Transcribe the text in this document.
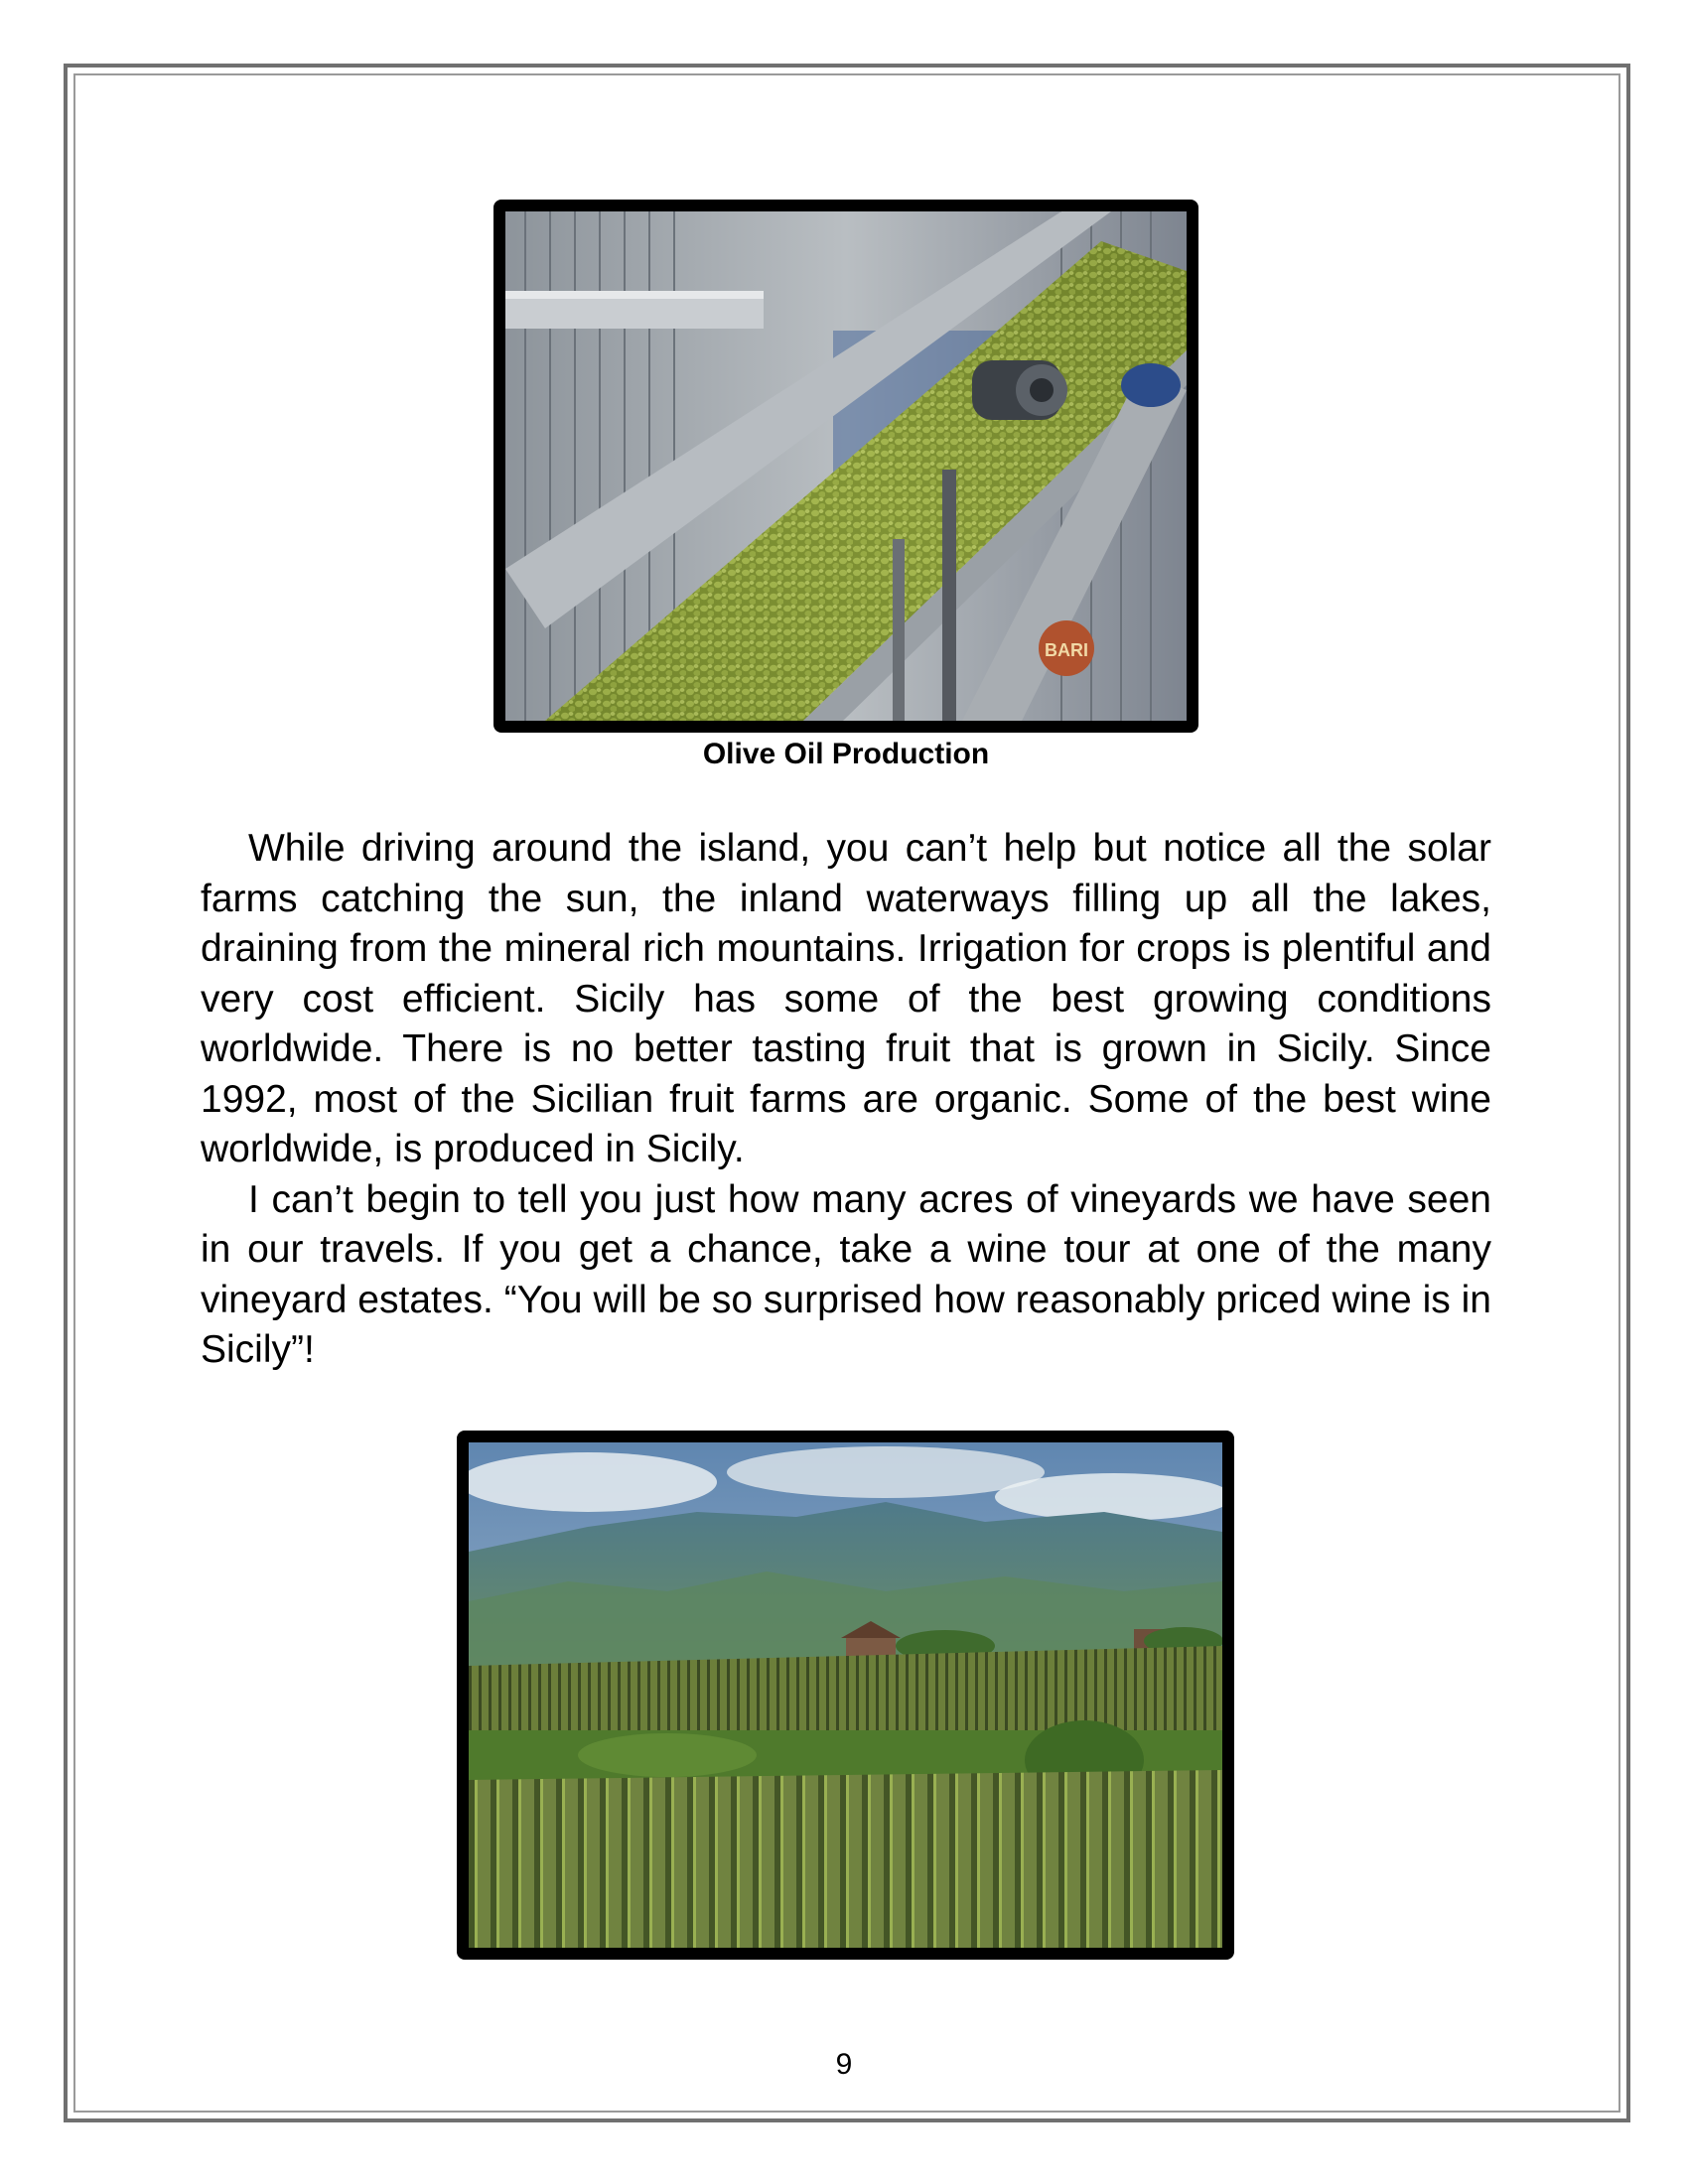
BARI
Olive Oil Production

While driving around the island, you can’t help but notice all the solar farms catching the sun, the inland waterways filling up all the lakes, draining from the mineral rich mountains. Irrigation for crops is plentiful and very cost efficient. Sicily has some of the best growing conditions worldwide. There is no better tasting fruit that is grown in Sicily. Since 1992, most of the Sicilian fruit farms are organic. Some of the best wine worldwide, is produced in Sicily.

I can’t begin to tell you just how many acres of vineyards we have seen in our travels. If you get a chance, take a wine tour at one of the many vineyard estates. “You will be so surprised how reasonably priced wine is in Sicily”!

9
